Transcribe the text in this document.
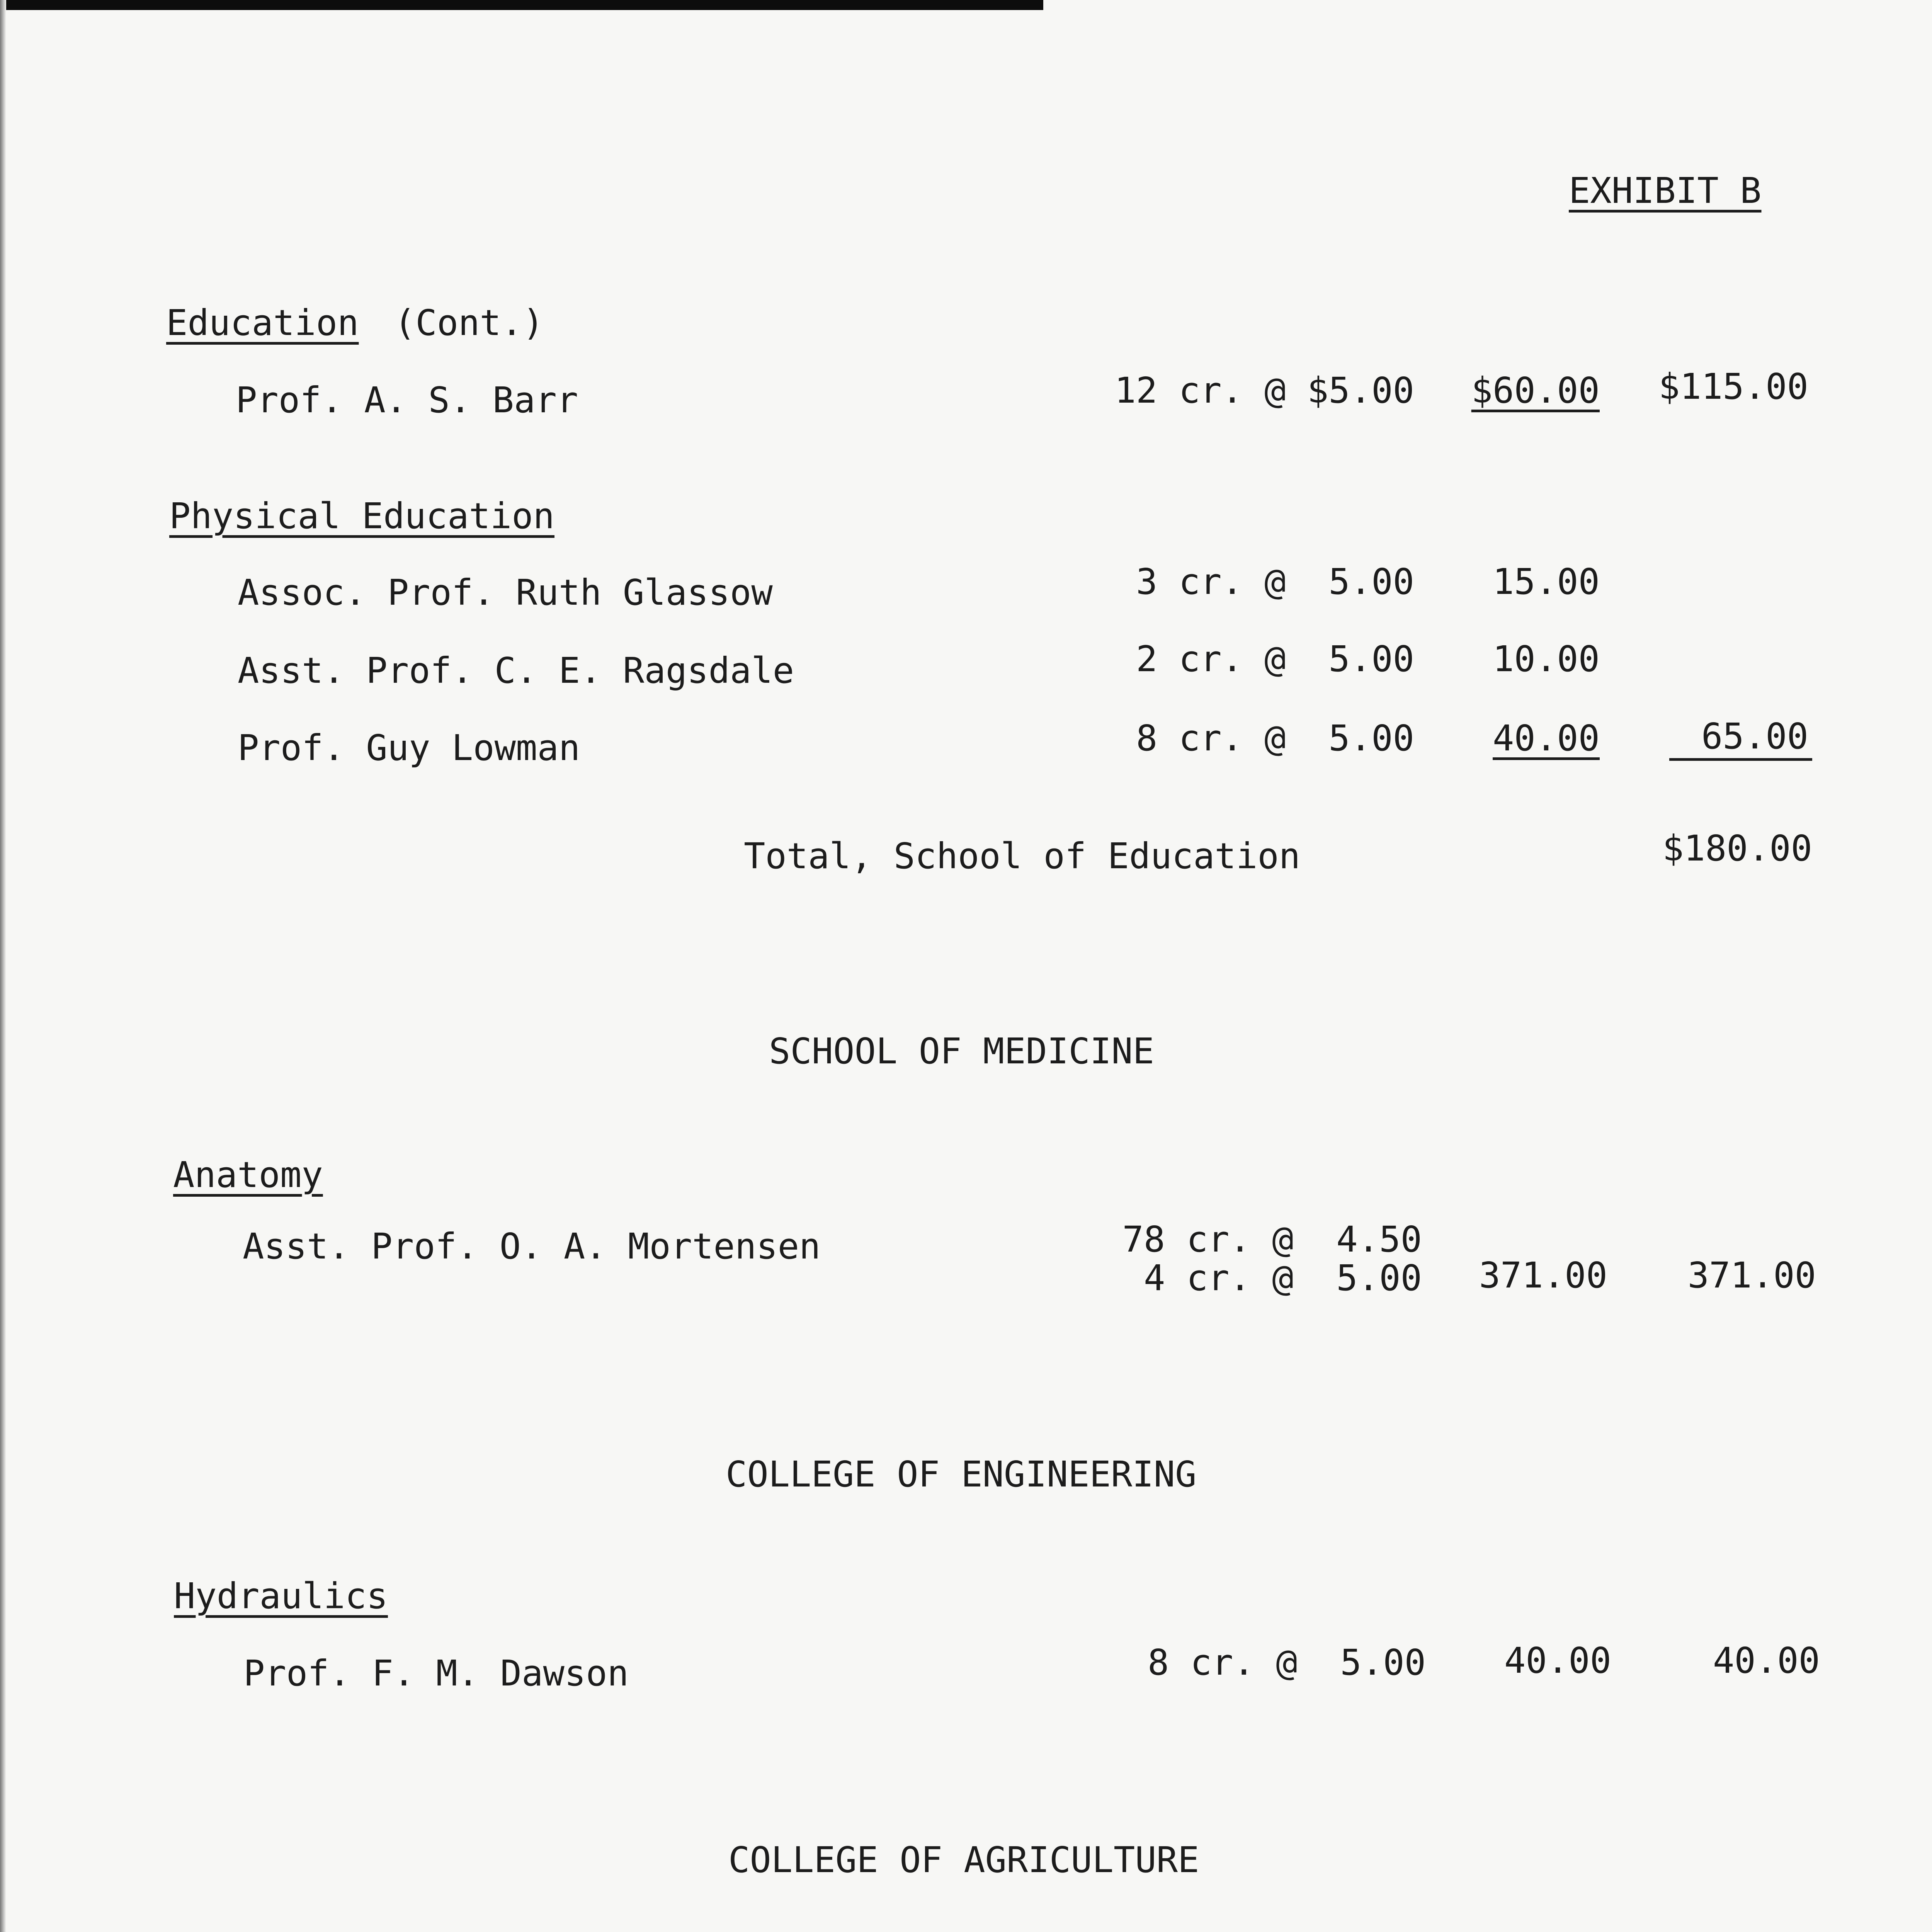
EXHIBIT B
Education (Cont.)
Prof. A. S. Barr	12 cr. @ $5.00	$60.00	$115.00
Physical Education
Assoc. Prof. Ruth Glassow	3 cr. @  5.00	15.00
Asst. Prof. C. E. Ragsdale	2 cr. @  5.00	10.00
Prof. Guy Lowman	8 cr. @  5.00	40.00	65.00
Total, School of Education	$180.00
SCHOOL OF MEDICINE
Anatomy
Asst. Prof. O. A. Mortensen	78 cr. @  4.50
4 cr. @  5.00	371.00	371.00
COLLEGE OF ENGINEERING
Hydraulics
Prof. F. M. Dawson	8 cr. @  5.00	40.00	40.00
COLLEGE OF AGRICULTURE
